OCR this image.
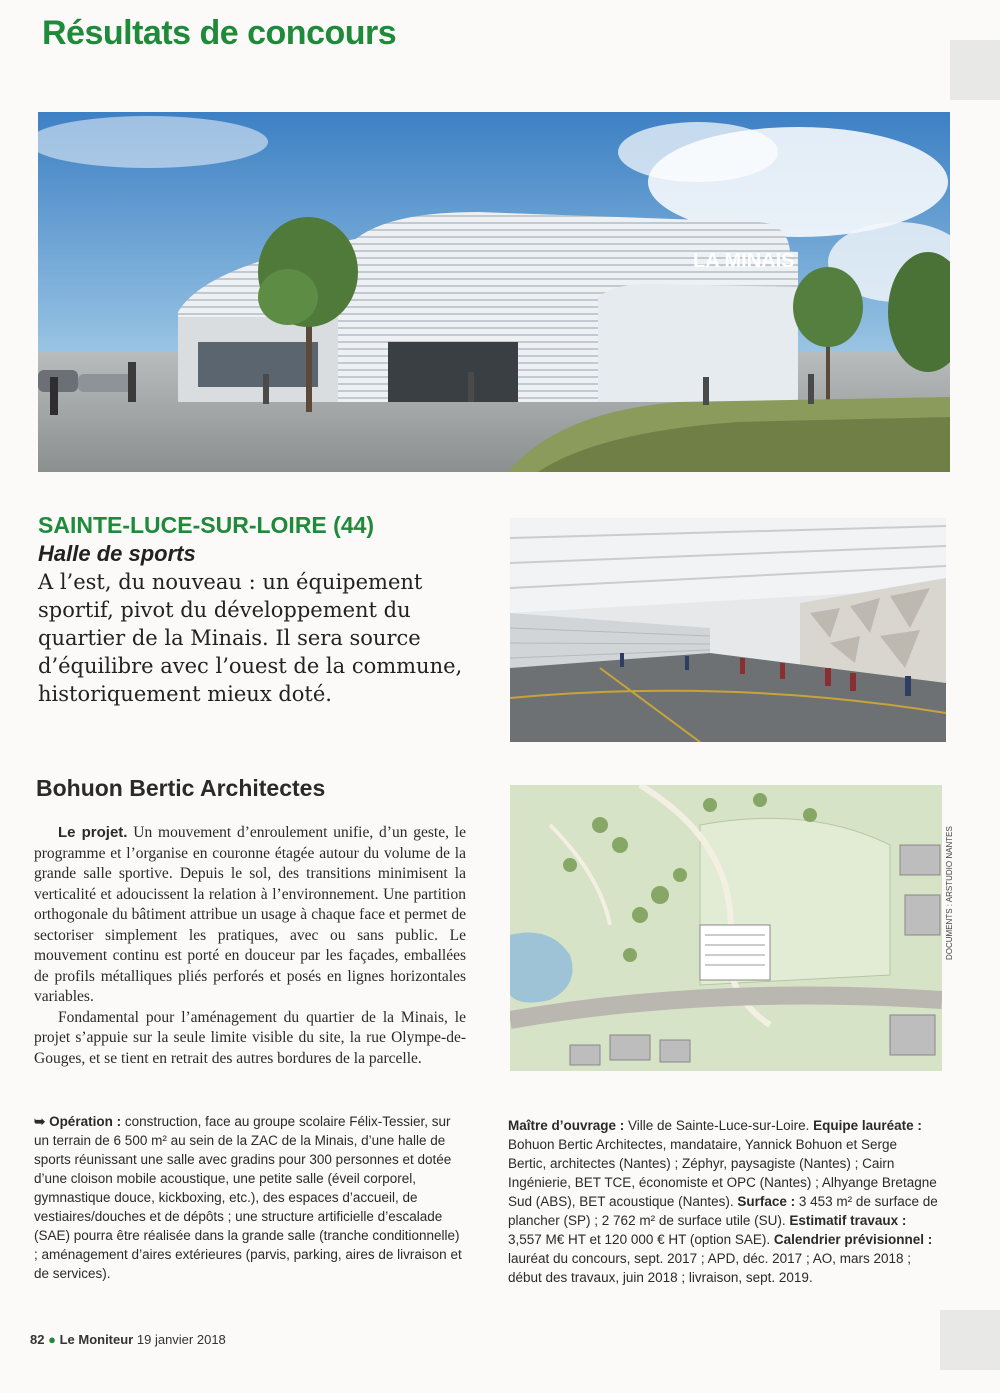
Résultats de concours
LA MINAIS
SAINTE-LUCE-SUR-LOIRE (44)
Halle de sports
A l’est, du nouveau : un équipement sportif, pivot du développement du quartier de la Minais. Il sera source d’équilibre avec l’ouest de la commune, historiquement mieux doté.
Bohuon Bertic Architectes

Le projet. Un mouvement d’enroulement unifie, d’un geste, le programme et l’organise en couronne étagée autour du volume de la grande salle sportive. Depuis le sol, des transitions minimisent la verticalité et adoucissent la relation à l’environnement. Une partition orthogonale du bâtiment attribue un usage à chaque face et permet de sectoriser simplement les pratiques, avec ou sans public. Le mouvement continu est porté en douceur par les façades, emballées de profils métalliques pliés perforés et posés en lignes horizontales variables.

Fondamental pour l’aménagement du quartier de la Minais, le projet s’appuie sur la seule limite visible du site, la rue Olympe-de-Gouges, et se tient en retrait des autres bordures de la parcelle.

DOCUMENTS : ARSTUDIO NANTES
➥ Opération : construction, face au groupe scolaire Félix-Tessier, sur un terrain de 6 500 m² au sein de la ZAC de la Minais, d’une halle de sports réunissant une salle avec gradins pour 300 personnes et dotée d’une cloison mobile acoustique, une petite salle (éveil corporel, gymnastique douce, kickboxing, etc.), des espaces d’accueil, de vestiaires/douches et de dépôts ; une structure artificielle d’escalade (SAE) pourra être réalisée dans la grande salle (tranche conditionnelle) ; aménagement d’aires extérieures (parvis, parking, aires de livraison et de services).
Maître d’ouvrage : Ville de Sainte-Luce-sur-Loire. Equipe lauréate : Bohuon Bertic Architectes, mandataire, Yannick Bohuon et Serge Bertic, architectes (Nantes) ; Zéphyr, paysagiste (Nantes) ; Cairn Ingénierie, BET TCE, économiste et OPC (Nantes) ; Alhyange Bretagne Sud (ABS), BET acoustique (Nantes). Surface : 3 453 m² de surface de plancher (SP) ; 2 762 m² de surface utile (SU). Estimatif travaux : 3,557 M€ HT et 120 000 € HT (option SAE). Calendrier prévisionnel : lauréat du concours, sept. 2017 ; APD, déc. 2017 ; AO, mars 2018 ; début des travaux, juin 2018 ; livraison, sept. 2019.
82 ● Le Moniteur 19 janvier 2018
